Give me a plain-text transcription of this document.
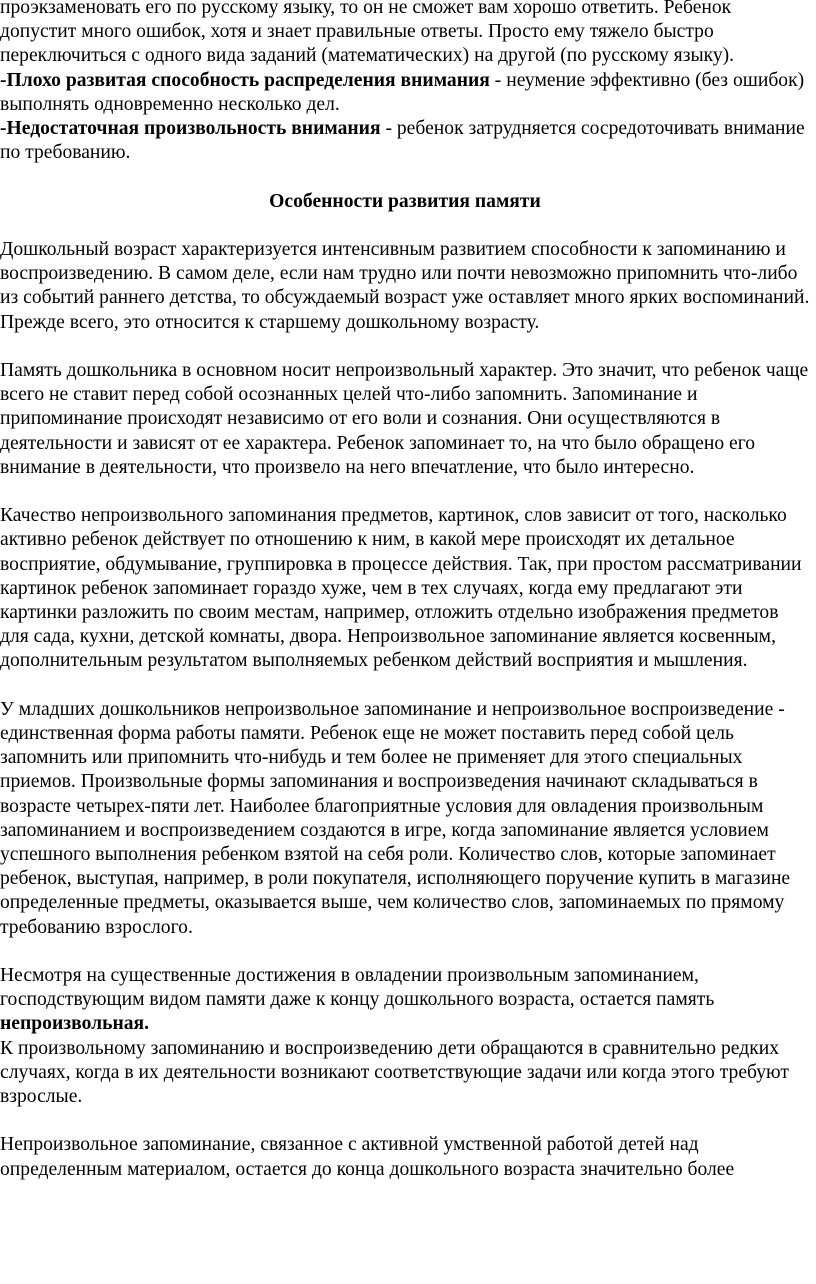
проэкзаменовать его по русскому языку, то он не сможет вам хорошо ответить. Ребенок допустит много ошибок, хотя и знает правильные ответы. Просто ему тяжело быстро переключиться с одного вида заданий (математических) на другой (по русскому языку).

-Плохо развитая способность распределения внимания - неумение эффективно (без ошибок) выполнять одновременно несколько дел.

-Недостаточная произвольность внимания - ребенок затрудняется сосредоточивать внимание по требованию.

Особенности развития памяти

Дошкольный возраст характеризуется интенсивным развитием способности к запоминанию и воспроизведению. В самом деле, если нам трудно или почти невозможно припомнить что-либо из событий раннего детства, то обсуждаемый возраст уже оставляет много ярких воспоминаний. Прежде всего, это относится к старшему дошкольному возрасту.

Память дошкольника в основном носит непроизвольный характер. Это значит, что ребенок чаще всего не ставит перед собой осознанных целей что-либо запомнить. Запоминание и припоминание происходят независимо от его воли и сознания. Они осуществляются в деятельности и зависят от ее характера. Ребенок запоминает то, на что было обращено его внимание в деятельности, что произвело на него впечатление, что было интересно.

Качество непроизвольного запоминания предметов, картинок, слов зависит от того, насколько активно ребенок действует по отношению к ним, в какой мере происходят их детальное восприятие, обдумывание, группировка в процессе действия. Так, при простом рассматривании картинок ребенок запоминает гораздо хуже, чем в тех случаях, когда ему предлагают эти картинки разложить по своим местам, например, отложить отдельно изображения предметов для сада, кухни, детской комнаты, двора. Непроизвольное запоминание является косвенным, дополнительным результатом выполняемых ребенком действий восприятия и мышления.

У младших дошкольников непроизвольное запоминание и непроизвольное воспроизведение - единственная форма работы памяти. Ребенок еще не может поставить перед собой цель запомнить или припомнить что-нибудь и тем более не применяет для этого специальных приемов. Произвольные формы запоминания и воспроизведения начинают складываться в возрасте четырех-пяти лет. Наиболее благоприятные условия для овладения произвольным запоминанием и воспроизведением создаются в игре, когда запоминание является условием успешного выполнения ребенком взятой на себя роли. Количество слов, которые запоминает ребенок, выступая, например, в роли покупателя, исполняющего поручение купить в магазине определенные предметы, оказывается выше, чем количество слов, запоминаемых по прямому требованию взрослого.

Несмотря на существенные достижения в овладении произвольным запоминанием, господствующим видом памяти даже к концу дошкольного возраста, остается память непроизвольная.

К произвольному запоминанию и воспроизведению дети обращаются в сравнительно редких случаях, когда в их деятельности возникают соответствующие задачи или когда этого требуют взрослые.

Непроизвольное запоминание, связанное с активной умственной работой детей над определенным материалом, остается до конца дошкольного возраста значительно более
